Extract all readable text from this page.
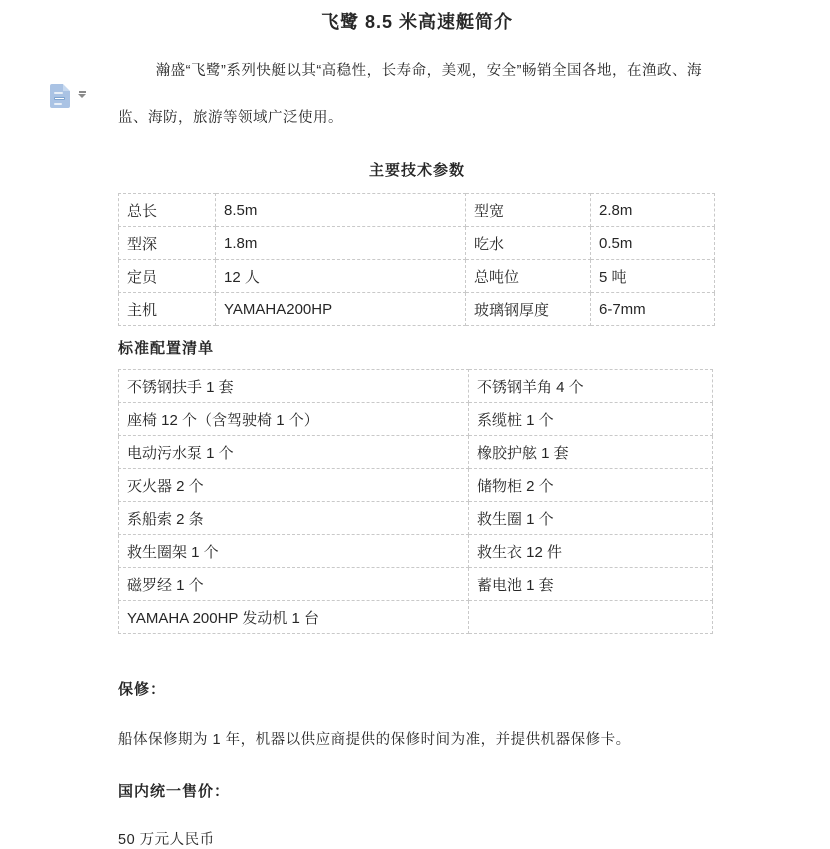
飞鹭 8.5 米高速艇简介
瀚盛“飞鹭”系列快艇以其“高稳性，长寿命，美观，安全”畅销全国各地，在渔政、海监、海防，旅游等领域广泛使用。
主要技术参数
总长	8.5m	型宽	2.8m
型深	1.8m	吃水	0.5m
定员	12 人	总吨位	5 吨
主机	YAMAHA200HP	玻璃钢厚度	6-7mm
标准配置清单
不锈钢扶手 1 套	不锈钢羊角 4 个
座椅 12 个（含驾驶椅 1 个）	系缆桩 1 个
电动污水泵 1 个	橡胶护舷 1 套
灭火器 2 个	储物柜 2 个
系船索 2 条	救生圈 1 个
救生圈架 1 个	救生衣 12 件
磁罗经 1 个	蓄电池 1 套
YAMAHA 200HP 发动机 1 台	
保修：
船体保修期为 1 年，机器以供应商提供的保修时间为准，并提供机器保修卡。
国内统一售价：
50 万元人民币
